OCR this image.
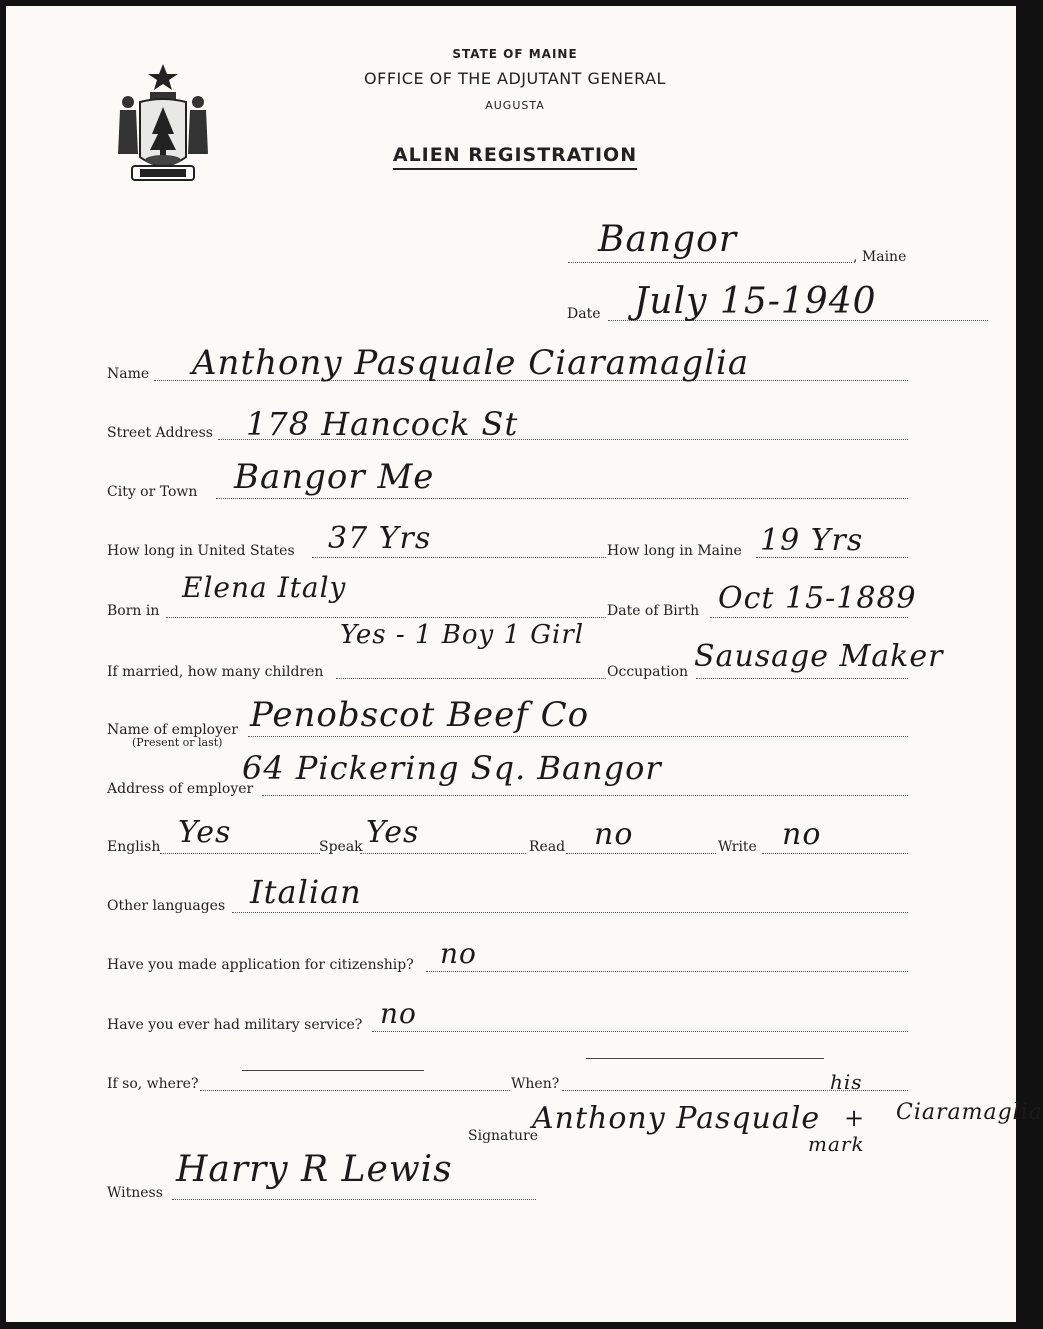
STATE OF MAINE
OFFICE OF THE ADJUTANT GENERAL
AUGUSTA
ALIEN REGISTRATION
Bangor	, Maine
Date July 15-1940
Name Anthony Pasquale Ciaramaglia
Street Address 178 Hancock St
City or Town Bangor Me
How long in United States 37 Yrs	How long in Maine 19 Yrs
Born in
Elena Italy
Date of Birth Oct 15-1889
If married, how many children
Yes - 1 Boy 1 Girl
Occupation Sausage Maker
Name of employer
(Present or last)
Penobscot Beef Co
Address of employer
64 Pickering Sq. Bangor
English Yes	Speak Yes	Read no	Write no
Other languages Italian
Have you made application for citizenship? no
Have you ever had military service? no
If so, where?	When?
Signature
Anthony Pasquale
his
+
mark
Ciaramaglia
Witness
Harry R Lewis
